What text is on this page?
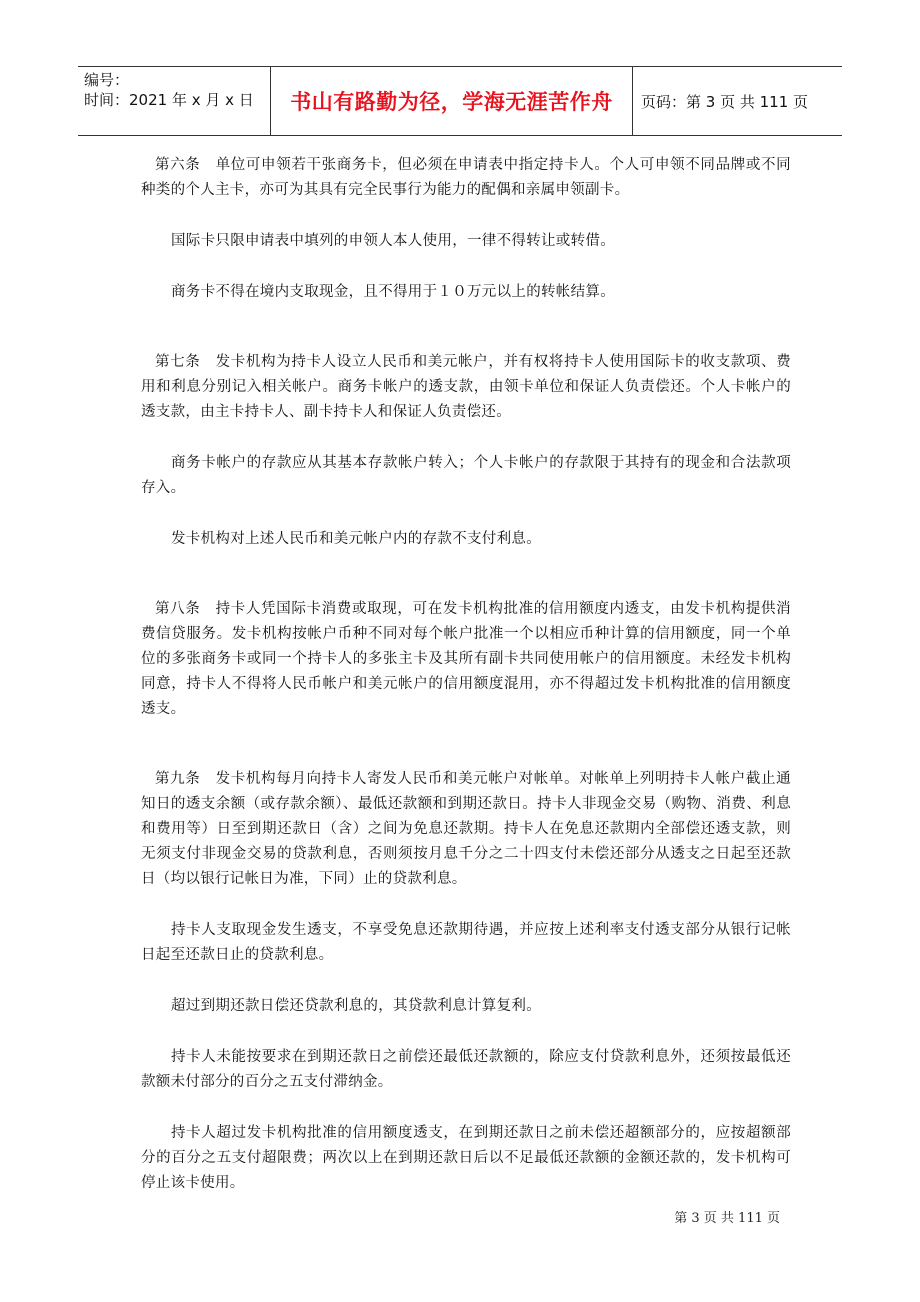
编号：
时间：2021 年 x 月 x 日	书山有路勤为径，学海无涯苦作舟	页码：第 3 页 共 111 页

第六条　单位可申领若干张商务卡，但必须在申请表中指定持卡人。个人可申领不同品牌或不同种类的个人主卡，亦可为其具有完全民事行为能力的配偶和亲属申领副卡。

国际卡只限申请表中填列的申领人本人使用，一律不得转让或转借。

商务卡不得在境内支取现金，且不得用于１０万元以上的转帐结算。

第七条　发卡机构为持卡人设立人民币和美元帐户，并有权将持卡人使用国际卡的收支款项、费用和利息分别记入相关帐户。商务卡帐户的透支款，由领卡单位和保证人负责偿还。个人卡帐户的透支款，由主卡持卡人、副卡持卡人和保证人负责偿还。

商务卡帐户的存款应从其基本存款帐户转入；个人卡帐户的存款限于其持有的现金和合法款项存入。

发卡机构对上述人民币和美元帐户内的存款不支付利息。

第八条　持卡人凭国际卡消费或取现，可在发卡机构批准的信用额度内透支，由发卡机构提供消费信贷服务。发卡机构按帐户币种不同对每个帐户批准一个以相应币种计算的信用额度，同一个单位的多张商务卡或同一个持卡人的多张主卡及其所有副卡共同使用帐户的信用额度。未经发卡机构同意，持卡人不得将人民币帐户和美元帐户的信用额度混用，亦不得超过发卡机构批准的信用额度透支。

第九条　发卡机构每月向持卡人寄发人民币和美元帐户对帐单。对帐单上列明持卡人帐户截止通知日的透支余额（或存款余额）、最低还款额和到期还款日。持卡人非现金交易（购物、消费、利息和费用等）日至到期还款日（含）之间为免息还款期。持卡人在免息还款期内全部偿还透支款，则无须支付非现金交易的贷款利息，否则须按月息千分之二十四支付未偿还部分从透支之日起至还款日（均以银行记帐日为准，下同）止的贷款利息。

持卡人支取现金发生透支，不享受免息还款期待遇，并应按上述利率支付透支部分从银行记帐日起至还款日止的贷款利息。

超过到期还款日偿还贷款利息的，其贷款利息计算复利。

持卡人未能按要求在到期还款日之前偿还最低还款额的，除应支付贷款利息外，还须按最低还款额未付部分的百分之五支付滞纳金。

持卡人超过发卡机构批准的信用额度透支，在到期还款日之前未偿还超额部分的，应按超额部分的百分之五支付超限费；两次以上在到期还款日后以不足最低还款额的金额还款的，发卡机构可停止该卡使用。

第 3 页 共 111 页
